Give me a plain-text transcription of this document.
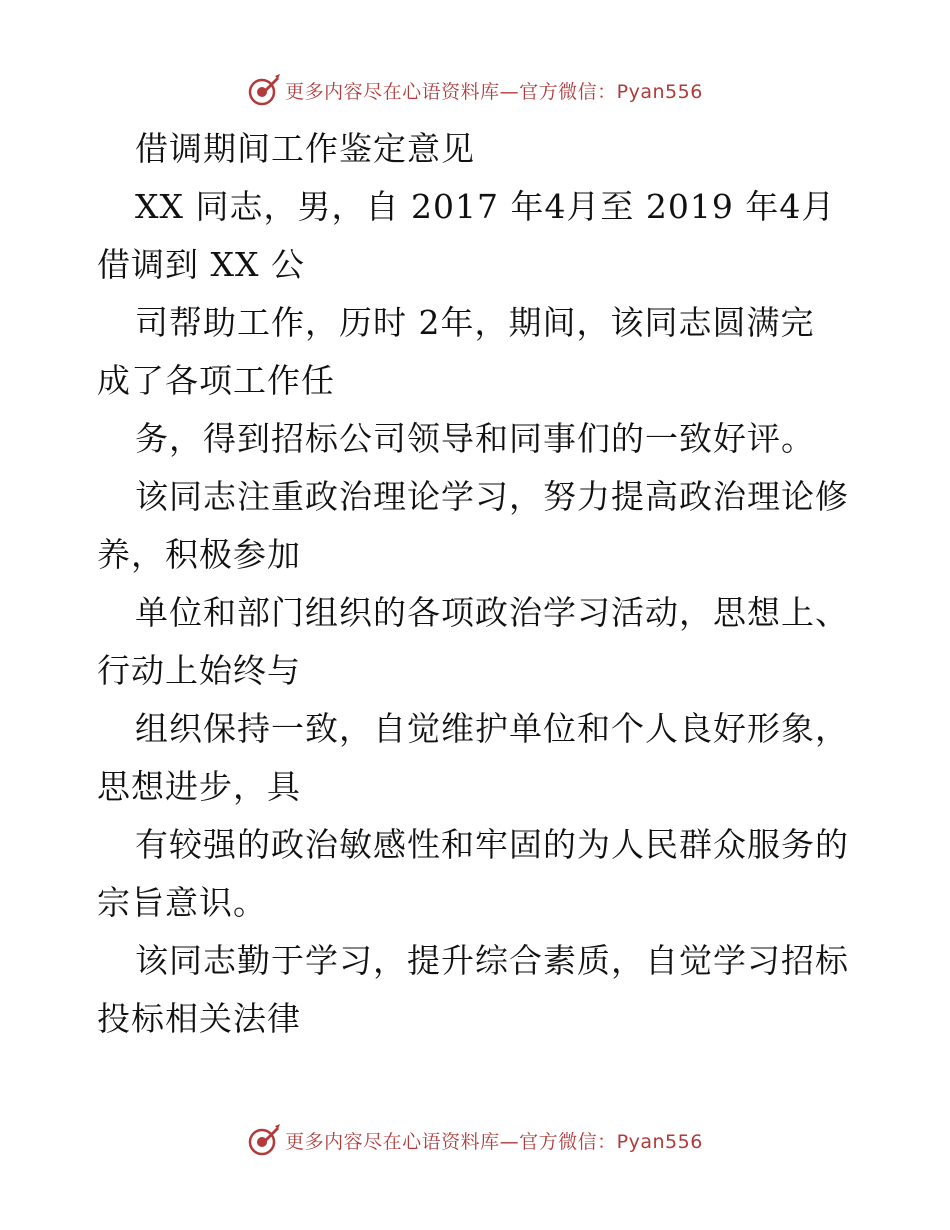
更多内容尽在心语资料库—官方微信：Pyan556
借调期间工作鉴定意见
XX 同志，男，自 2017 年4月至 2019 年4月
借调到 XX 公
司帮助工作，历时 2年，期间，该同志圆满完
成了各项工作任
务，得到招标公司领导和同事们的一致好评。
该同志注重政治理论学习，努力提高政治理论修
养，积极参加
单位和部门组织的各项政治学习活动，思想上、
行动上始终与
组织保持一致，自觉维护单位和个人良好形象，
思想进步，具
有较强的政治敏感性和牢固的为人民群众服务的
宗旨意识。
该同志勤于学习，提升综合素质，自觉学习招标
投标相关法律
更多内容尽在心语资料库—官方微信：Pyan556
